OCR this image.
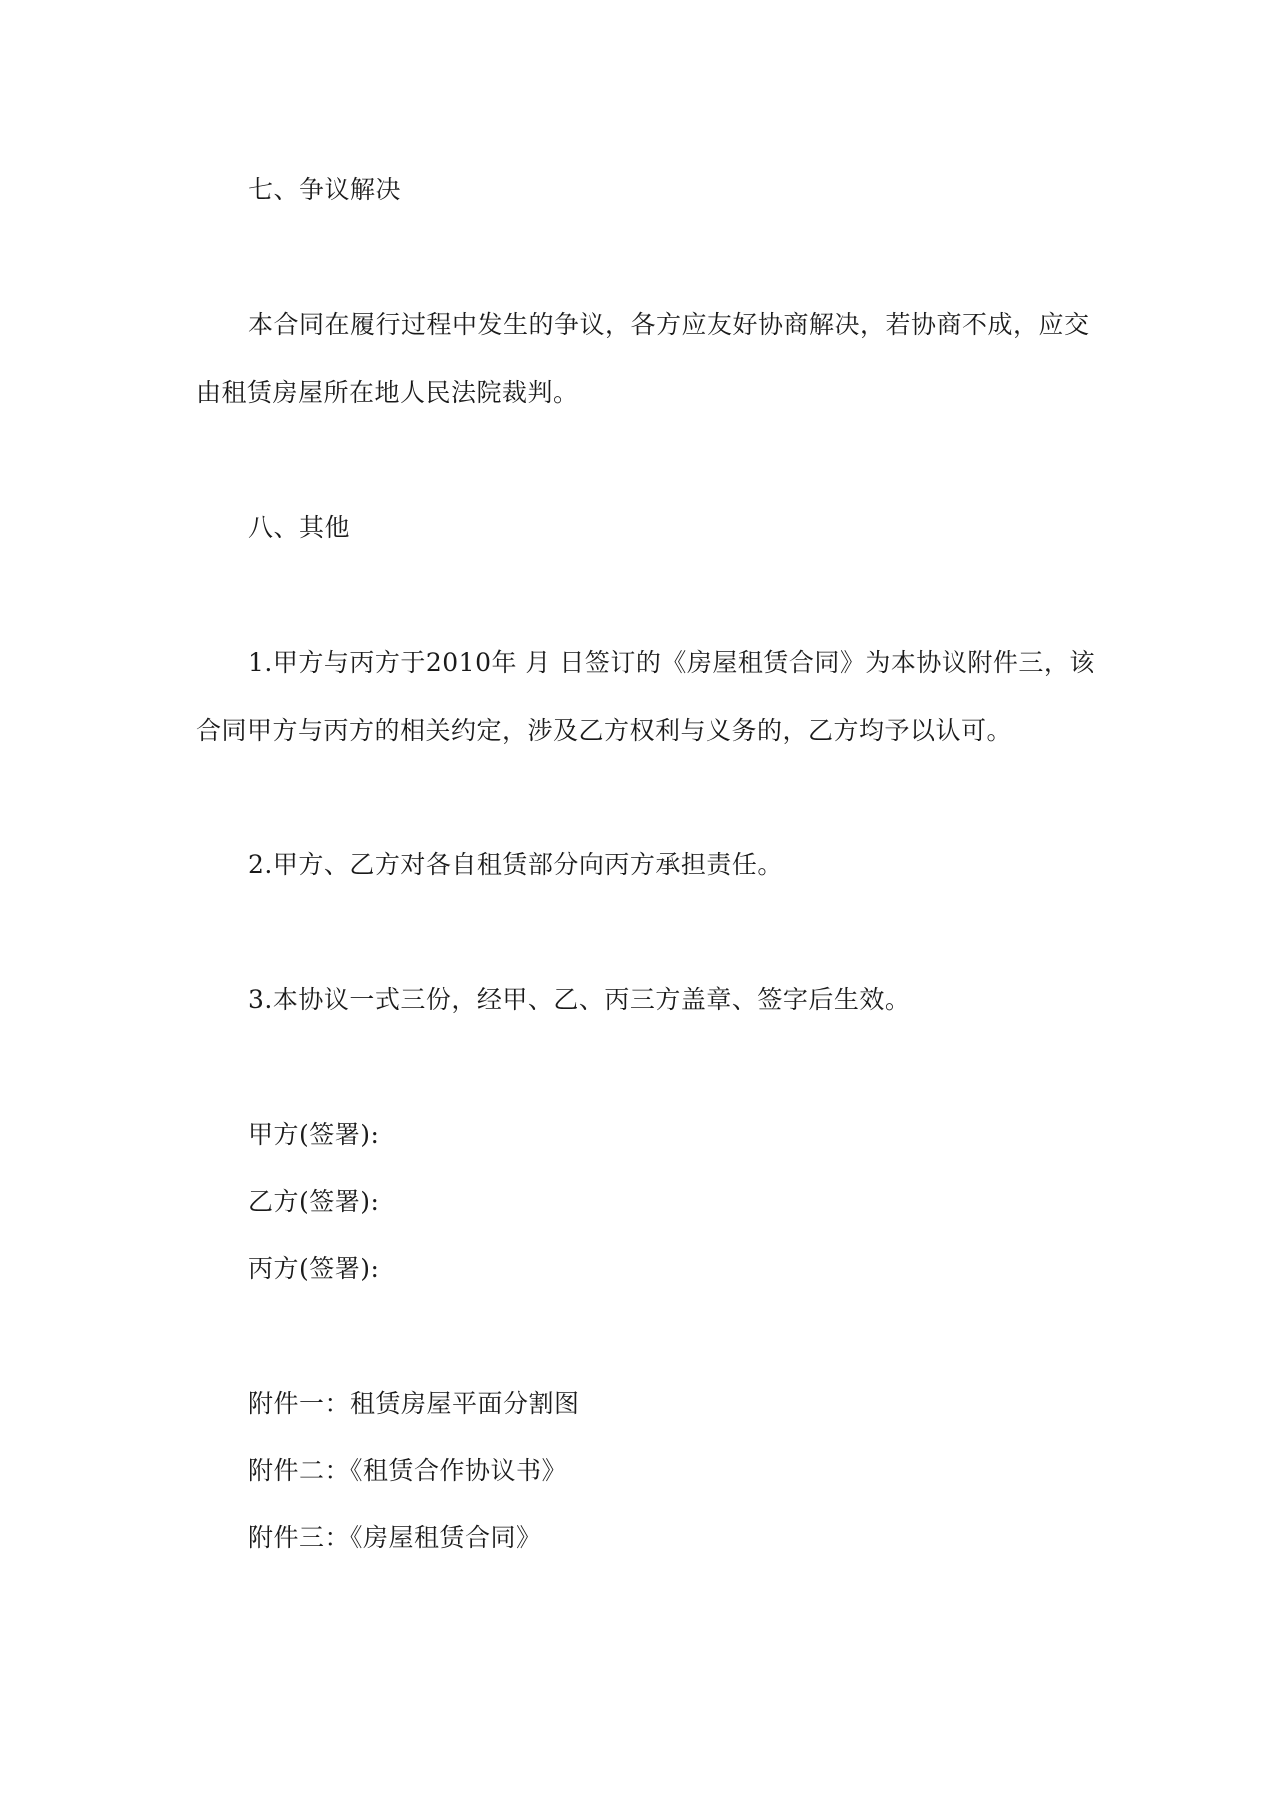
七、争议解决
本合同在履行过程中发生的争议，各方应友好协商解决，若协商不成，应交
由租赁房屋所在地人民法院裁判。
八、其他
1.甲方与丙方于2010年 月 日签订的《房屋租赁合同》为本协议附件三，该
合同甲方与丙方的相关约定，涉及乙方权利与义务的，乙方均予以认可。
2.甲方、乙方对各自租赁部分向丙方承担责任。
3.本协议一式三份，经甲、乙、丙三方盖章、签字后生效。
甲方(签署):
乙方(签署):
丙方(签署):
附件一：租赁房屋平面分割图
附件二：《租赁合作协议书》
附件三：《房屋租赁合同》
